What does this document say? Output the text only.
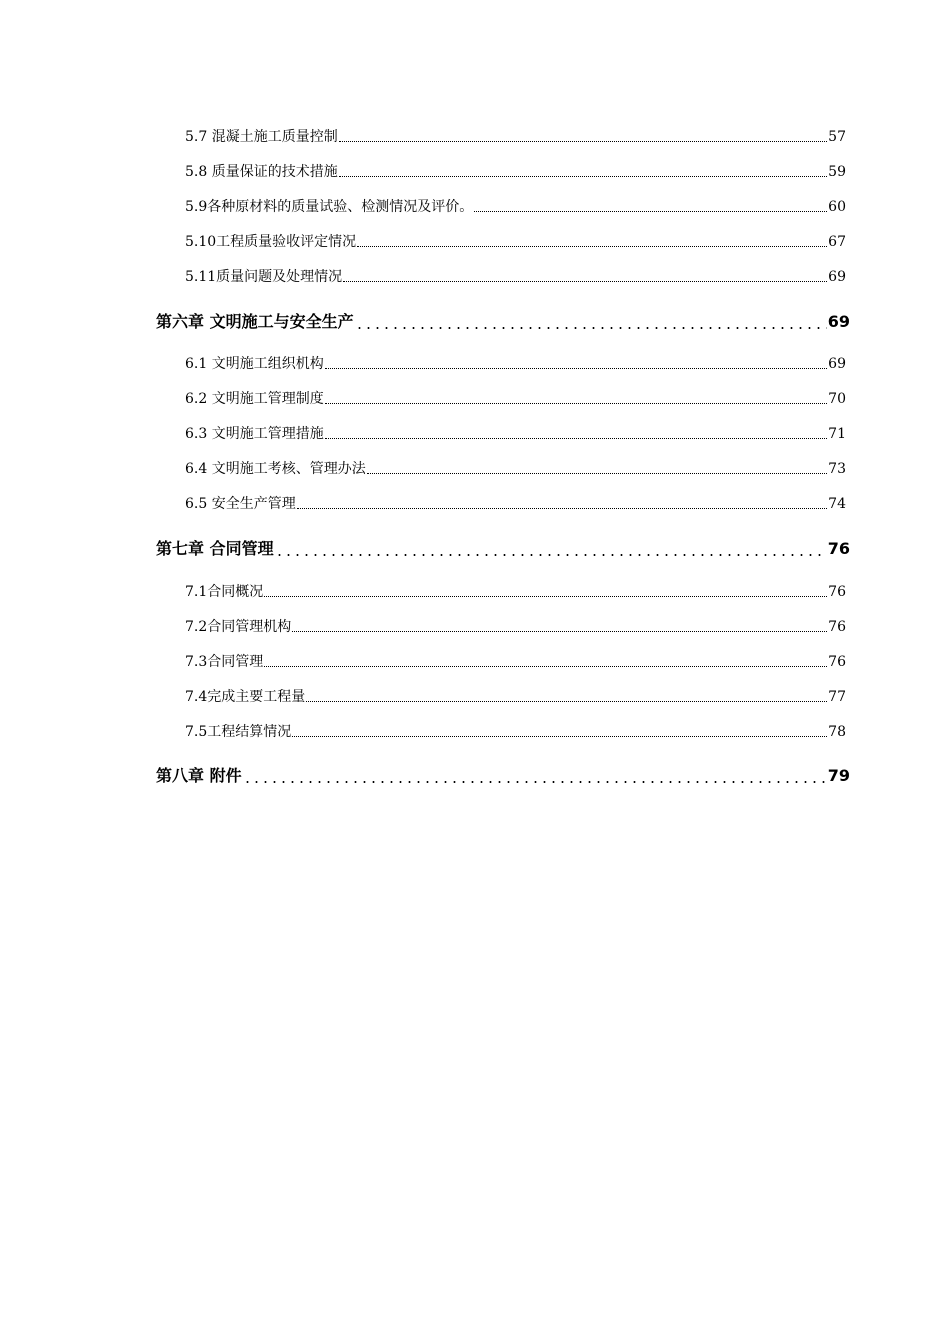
5.7 混凝土施工质量控制	57
5.8 质量保证的技术措施	59
5.9各种原材料的质量试验、检测情况及评价。	60
5.10工程质量验收评定情况	67
5.11质量问题及处理情况	69
第六章 文明施工与安全生产	69
6.1 文明施工组织机构	69
6.2 文明施工管理制度	70
6.3 文明施工管理措施	71
6.4 文明施工考核、管理办法	73
6.5 安全生产管理	74
第七章 合同管理	76
7.1合同概况	76
7.2合同管理机构	76
7.3合同管理	76
7.4完成主要工程量	77
7.5工程结算情况	78
第八章 附件	79
